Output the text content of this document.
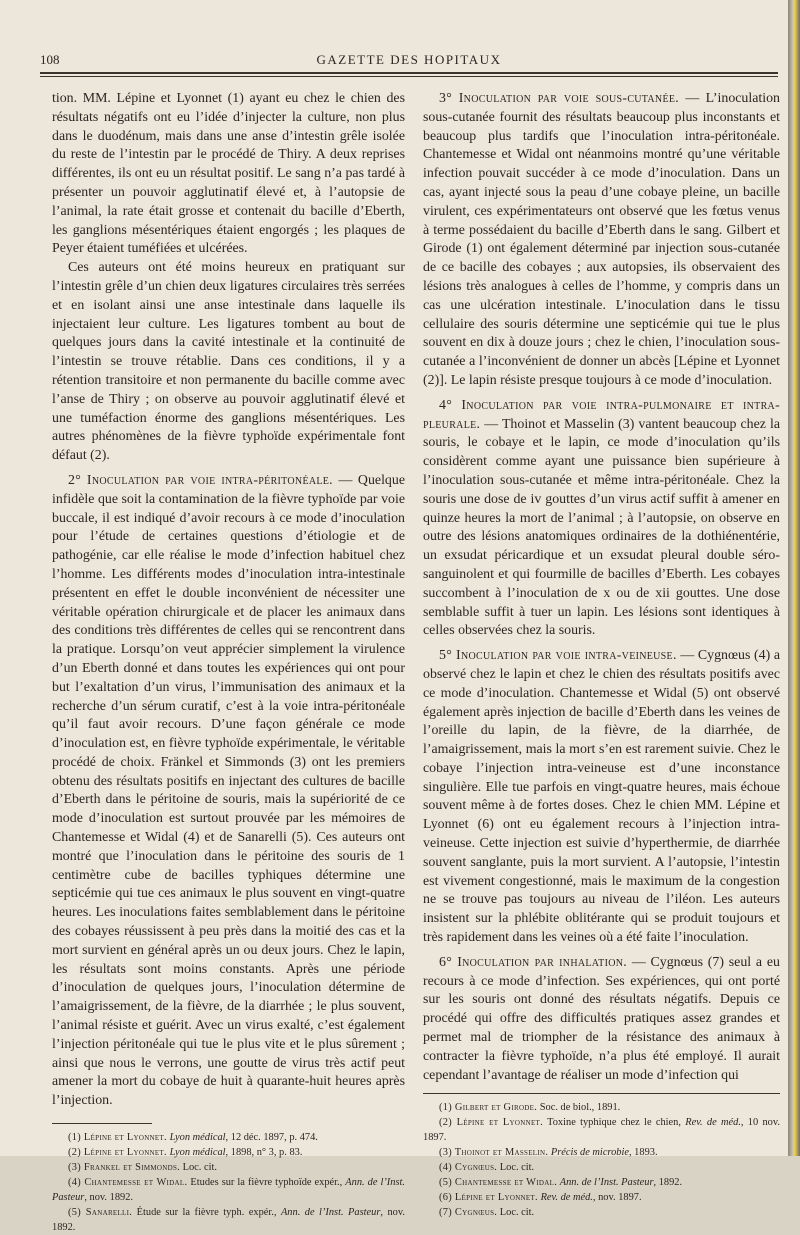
108	GAZETTE DES HOPITAUX

tion. MM. Lépine et Lyonnet (1) ayant eu chez le chien des résultats négatifs ont eu l’idée d’injecter la culture, non plus dans le duodénum, mais dans une anse d’intestin grêle isolée du reste de l’intestin par le procédé de Thiry. A deux reprises différentes, ils ont eu un résultat positif. Le sang n’a pas tardé à présenter un pouvoir agglutinatif élevé et, à l’autopsie de l’animal, la rate était grosse et contenait du bacille d’Eberth, les ganglions mésentériques étaient engorgés ; les plaques de Peyer étaient tuméfiées et ulcérées.

Ces auteurs ont été moins heureux en pratiquant sur l’intestin grêle d’un chien deux ligatures circulaires très serrées et en isolant ainsi une anse intestinale dans laquelle ils injectaient leur culture. Les ligatures tombent au bout de quelques jours dans la cavité intestinale et la continuité de l’intestin se trouve rétablie. Dans ces conditions, il y a rétention transitoire et non permanente du bacille comme avec l’anse de Thiry ; on observe au pouvoir agglutinatif élevé et une tuméfaction énorme des ganglions mésentériques. Les autres phénomènes de la fièvre typhoïde expérimentale font défaut (2).

2° Inoculation par voie intra-péritonéale. — Quelque infidèle que soit la contamination de la fièvre typhoïde par voie buccale, il est indiqué d’avoir recours à ce mode d’inoculation pour l’étude de certaines questions d’étiologie et de pathogénie, car elle réalise le mode d’infection habituel chez l’homme. Les différents modes d’inoculation intra-intestinale présentent en effet le double inconvénient de nécessiter une véritable opération chirurgicale et de placer les animaux dans des conditions très différentes de celles qui se rencontrent dans la pratique. Lorsqu’on veut apprécier simplement la virulence d’un Eberth donné et dans toutes les expériences qui ont pour but l’exaltation d’un virus, l’immunisation des animaux et la recherche d’un sérum curatif, c’est à la voie intra-péritonéale qu’il faut avoir recours. D’une façon générale ce mode d’inoculation est, en fièvre typhoïde expérimentale, le véritable procédé de choix. Fränkel et Simmonds (3) ont les premiers obtenu des résultats positifs en injectant des cultures de bacille d’Eberth dans le péritoine de souris, mais la supériorité de ce mode d’inoculation est surtout prouvée par les mémoires de Chantemesse et Widal (4) et de Sanarelli (5). Ces auteurs ont montré que l’inoculation dans le péritoine des souris de 1 centimètre cube de bacilles typhiques détermine une septicémie qui tue ces animaux le plus souvent en vingt-quatre heures. Les inoculations faites semblablement dans le péritoine des cobayes réussissent à peu près dans la moitié des cas et la mort survient en général après un ou deux jours. Chez le lapin, les résultats sont moins constants. Après une période d’inoculation de quelques jours, l’inoculation détermine de l’amaigrissement, de la fièvre, de la diarrhée ; le plus souvent, l’animal résiste et guérit. Avec un virus exalté, c’est également l’injection péritonéale qui tue le plus vite et le plus sûrement ; ainsi que nous le verrons, une goutte de virus très actif peut amener la mort du cobaye de huit à quarante-huit heures après l’injection.

(1) Lépine et Lyonnet. Lyon médical, 12 déc. 1897, p. 474.

(2) Lépine et Lyonnet. Lyon médical, 1898, n° 3, p. 83.

(3) Frankel et Simmonds. Loc. cit.

(4) Chantemesse et Widal. Etudes sur la fièvre typhoïde expér., Ann. de l’Inst. Pasteur, nov. 1892.

(5) Sanarelli. Étude sur la fièvre typh. expér., Ann. de l’Inst. Pasteur, nov. 1892.

3° Inoculation par voie sous-cutanée. — L’inoculation sous-cutanée fournit des résultats beaucoup plus inconstants et beaucoup plus tardifs que l’inoculation intra-péritonéale. Chantemesse et Widal ont néanmoins montré qu’une véritable infection pouvait succéder à ce mode d’inoculation. Dans un cas, ayant injecté sous la peau d’une cobaye pleine, un bacille virulent, ces expérimentateurs ont observé que les fœtus venus à terme possédaient du bacille d’Eberth dans le sang. Gilbert et Girode (1) ont également déterminé par injection sous-cutanée de ce bacille des cobayes ; aux autopsies, ils observaient des lésions très analogues à celles de l’homme, y compris dans un cas une ulcération intestinale. L’inoculation dans le tissu cellulaire des souris détermine une septicémie qui tue le plus souvent en dix à douze jours ; chez le chien, l’inoculation sous-cutanée a l’inconvénient de donner un abcès [Lépine et Lyonnet (2)]. Le lapin résiste presque toujours à ce mode d’inoculation.

4° Inoculation par voie intra-pulmonaire et intra-pleurale. — Thoinot et Masselin (3) vantent beaucoup chez la souris, le cobaye et le lapin, ce mode d’inoculation qu’ils considèrent comme ayant une puissance bien supérieure à l’inoculation sous-cutanée et même intra-péritonéale. Chez la souris une dose de iv gouttes d’un virus actif suffit à amener en quinze heures la mort de l’animal ; à l’autopsie, on observe en outre des lésions anatomiques ordinaires de la dothiénentérie, un exsudat péricardique et un exsudat pleural double séro-sanguinolent et qui fourmille de bacilles d’Eberth. Les cobayes succombent à l’inoculation de x ou de xii gouttes. Une dose semblable suffit à tuer un lapin. Les lésions sont identiques à celles observées chez la souris.

5° Inoculation par voie intra-veineuse. — Cygnœus (4) a observé chez le lapin et chez le chien des résultats positifs avec ce mode d’inoculation. Chantemesse et Widal (5) ont observé également après injection de bacille d’Eberth dans les veines de l’oreille du lapin, de la fièvre, de la diarrhée, de l’amaigrissement, mais la mort s’en est rarement suivie. Chez le cobaye l’injection intra-veineuse est d’une inconstance singulière. Elle tue parfois en vingt-quatre heures, mais échoue souvent même à de fortes doses. Chez le chien MM. Lépine et Lyonnet (6) ont eu également recours à l’injection intra-veineuse. Cette injection est suivie d’hyperthermie, de diarrhée souvent sanglante, puis la mort survient. A l’autopsie, l’intestin est vivement congestionné, mais le maximum de la congestion ne se trouve pas toujours au niveau de l’iléon. Les auteurs insistent sur la phlébite oblitérante qui se produit toujours et très rapidement dans les veines où a été faite l’inoculation.

6° Inoculation par inhalation. — Cygnœus (7) seul a eu recours à ce mode d’infection. Ses expériences, qui ont porté sur les souris ont donné des résultats négatifs. Depuis ce procédé qui offre des difficultés pratiques assez grandes et permet mal de triompher de la résistance des animaux à contracter la fièvre typhoïde, n’a plus été employé. Il aurait cependant l’avantage de réaliser un mode d’infection qui

(1) Gilbert et Girode. Soc. de biol., 1891.

(2) Lépine et Lyonnet. Toxine typhique chez le chien, Rev. de méd., 10 nov. 1897.

(3) Thoinot et Masselin. Précis de microbie, 1893.

(4) Cygnœus. Loc. cit.

(5) Chantemesse et Widal. Ann. de l’Inst. Pasteur, 1892.

(6) Lépine et Lyonnet. Rev. de méd., nov. 1897.

(7) Cygnœus. Loc. cit.
